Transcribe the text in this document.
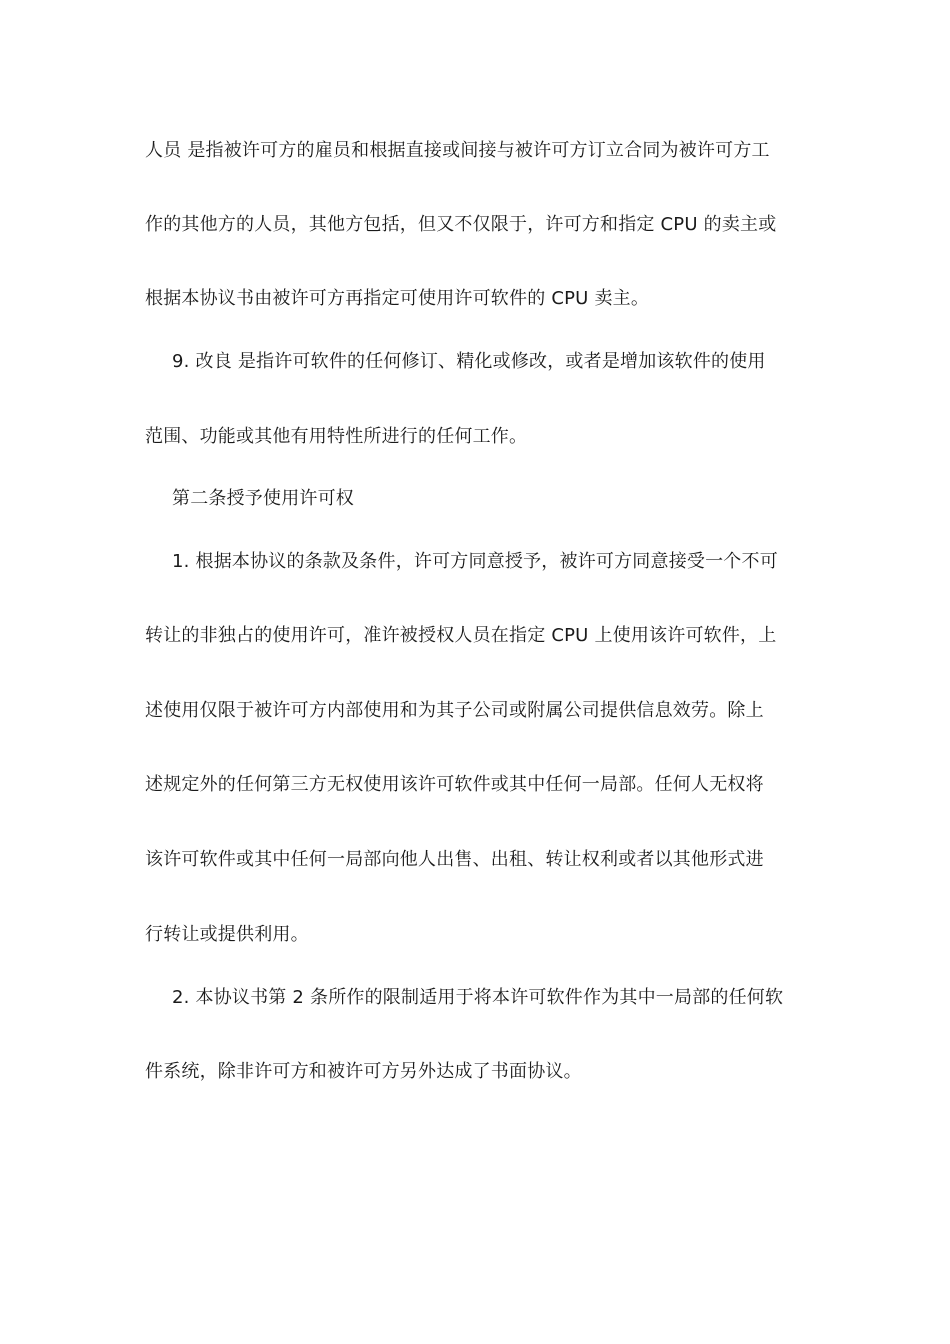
人员 是指被许可方的雇员和根据直接或间接与被许可方订立合同为被许可方工
作的其他方的人员，其他方包括，但又不仅限于，许可方和指定 CPU 的卖主或
根据本协议书由被许可方再指定可使用许可软件的 CPU 卖主。
9. 改良 是指许可软件的任何修订、精化或修改，或者是增加该软件的使用
范围、功能或其他有用特性所进行的任何工作。
第二条授予使用许可权
1. 根据本协议的条款及条件，许可方同意授予，被许可方同意接受一个不可
转让的非独占的使用许可，准许被授权人员在指定 CPU 上使用该许可软件，上
述使用仅限于被许可方内部使用和为其子公司或附属公司提供信息效劳。除上
述规定外的任何第三方无权使用该许可软件或其中任何一局部。任何人无权将
该许可软件或其中任何一局部向他人出售、出租、转让权利或者以其他形式进
行转让或提供利用。
2. 本协议书第 2 条所作的限制适用于将本许可软件作为其中一局部的任何软
件系统，除非许可方和被许可方另外达成了书面协议。
